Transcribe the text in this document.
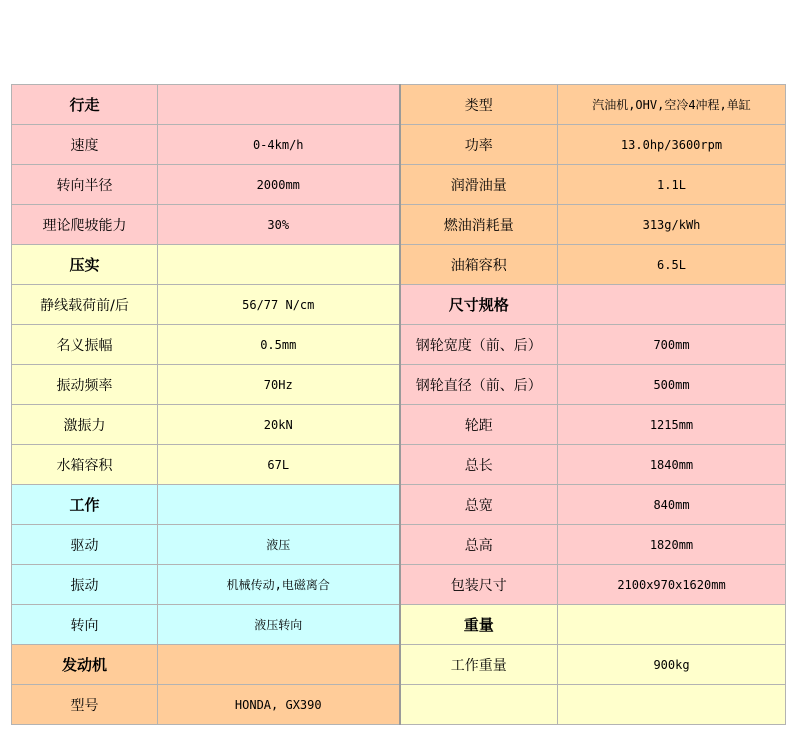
行走		类型	汽油机,OHV,空冷4冲程,单缸
速度	0-4km/h	功率	13.0hp/3600rpm
转向半径	2000mm	润滑油量	1.1L
理论爬坡能力	30%	燃油消耗量	313g/kWh
压实		油箱容积	6.5L
静线载荷前/后	56/77 N/cm	尺寸规格	
名义振幅	0.5mm	钢轮宽度（前、后）	700mm
振动频率	70Hz	钢轮直径（前、后）	500mm
激振力	20kN	轮距	1215mm
水箱容积	67L	总长	1840mm
工作		总宽	840mm
驱动	液压	总高	1820mm
振动	机械传动,电磁离合	包装尺寸	2100x970x1620mm
转向	液压转向	重量	
发动机		工作重量	900kg
型号	HONDA, GX390		
